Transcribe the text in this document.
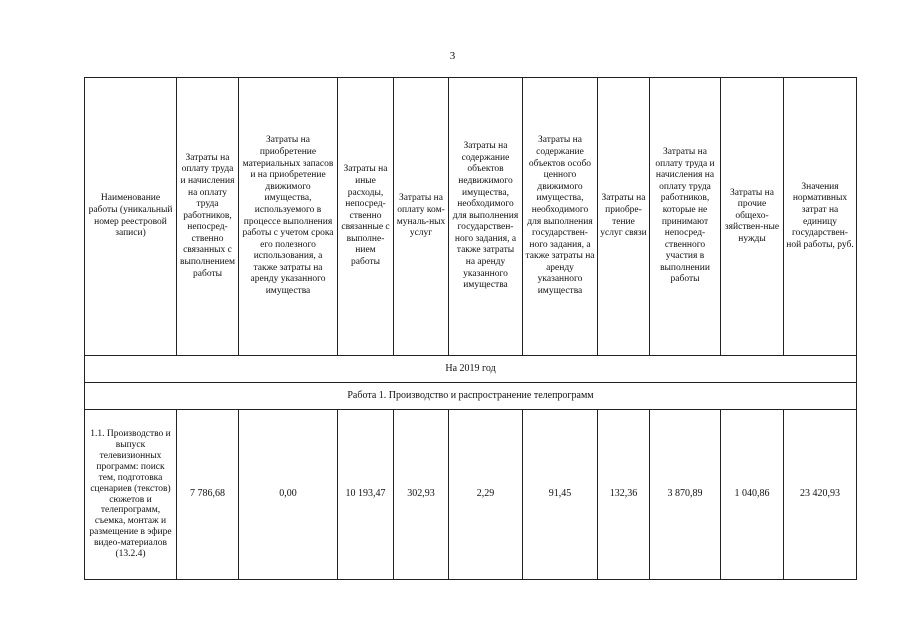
3
Наименование работы (уникальный номер реестровой записи)	Затраты на оплату труда и начисления на оплату труда работников, непосред-ственно связанных с выполнением работы	Затраты на приобретение материальных запасов и на приобретение движимого имущества, используемого в процессе выполнения работы с учетом срока его полезного использования, а также затраты на аренду указанного имущества	Затраты на иные расходы, непосред-ственно связанные с выполне-нием работы	Затраты на оплату ком-муналь-ных услуг	Затраты на содержание объектов недвижимого имущества, необходимого для выполнения государствен-ного задания, а также затраты на аренду указанного имущества	Затраты на содержание объектов особо ценного движимого имущества, необходимого для выполнения государствен-ного задания, а также затраты на аренду указанного имущества	Затраты на приобре-тение услуг связи	Затраты на оплату труда и начисления на оплату труда работников, которые не принимают непосред-ственного участия в выполнении работы	Затраты на прочие общехо-зяйствен-ные нужды	Значения нормативных затрат на единицу государствен-ной работы, руб.
На 2019 год										
Работа 1. Производство и распространение телепрограмм										
1.1. Производство и выпуск телевизионных программ: поиск тем, подготовка сценариев (текстов) сюжетов и телепрограмм, съемка, монтаж и размещение в эфире видео-материалов (13.2.4)	7 786,68	0,00	10 193,47	302,93	2,29	91,45	132,36	3 870,89	1 040,86	23 420,93
